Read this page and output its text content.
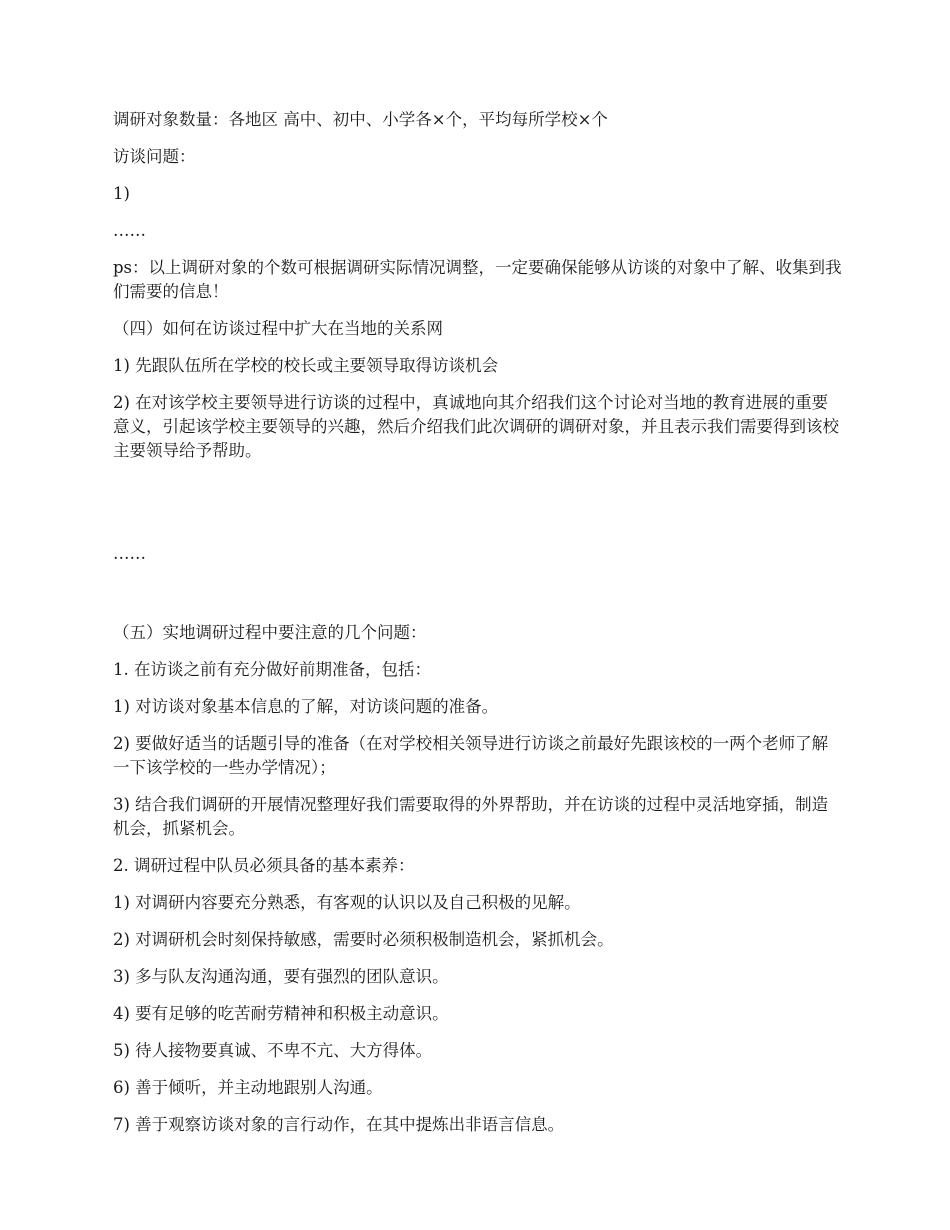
调研对象数量：各地区 高中、初中、小学各×个，平均每所学校×个

访谈问题：

1)

……

ps：以上调研对象的个数可根据调研实际情况调整，一定要确保能够从访谈的对象中了解、收集到我们需要的信息！

（四）如何在访谈过程中扩大在当地的关系网

1) 先跟队伍所在学校的校长或主要领导取得访谈机会

2) 在对该学校主要领导进行访谈的过程中，真诚地向其介绍我们这个讨论对当地的教育进展的重要意义，引起该学校主要领导的兴趣，然后介绍我们此次调研的调研对象，并且表示我们需要得到该校主要领导给予帮助。

……

（五）实地调研过程中要注意的几个问题：

1. 在访谈之前有充分做好前期准备，包括：

1) 对访谈对象基本信息的了解，对访谈问题的准备。

2) 要做好适当的话题引导的准备（在对学校相关领导进行访谈之前最好先跟该校的一两个老师了解一下该学校的一些办学情况）；

3) 结合我们调研的开展情况整理好我们需要取得的外界帮助，并在访谈的过程中灵活地穿插，制造机会，抓紧机会。

2. 调研过程中队员必须具备的基本素养：

1) 对调研内容要充分熟悉，有客观的认识以及自己积极的见解。

2) 对调研机会时刻保持敏感，需要时必须积极制造机会，紧抓机会。

3) 多与队友沟通沟通，要有强烈的团队意识。

4) 要有足够的吃苦耐劳精神和积极主动意识。

5) 待人接物要真诚、不卑不亢、大方得体。

6) 善于倾听，并主动地跟别人沟通。

7) 善于观察访谈对象的言行动作，在其中提炼出非语言信息。
